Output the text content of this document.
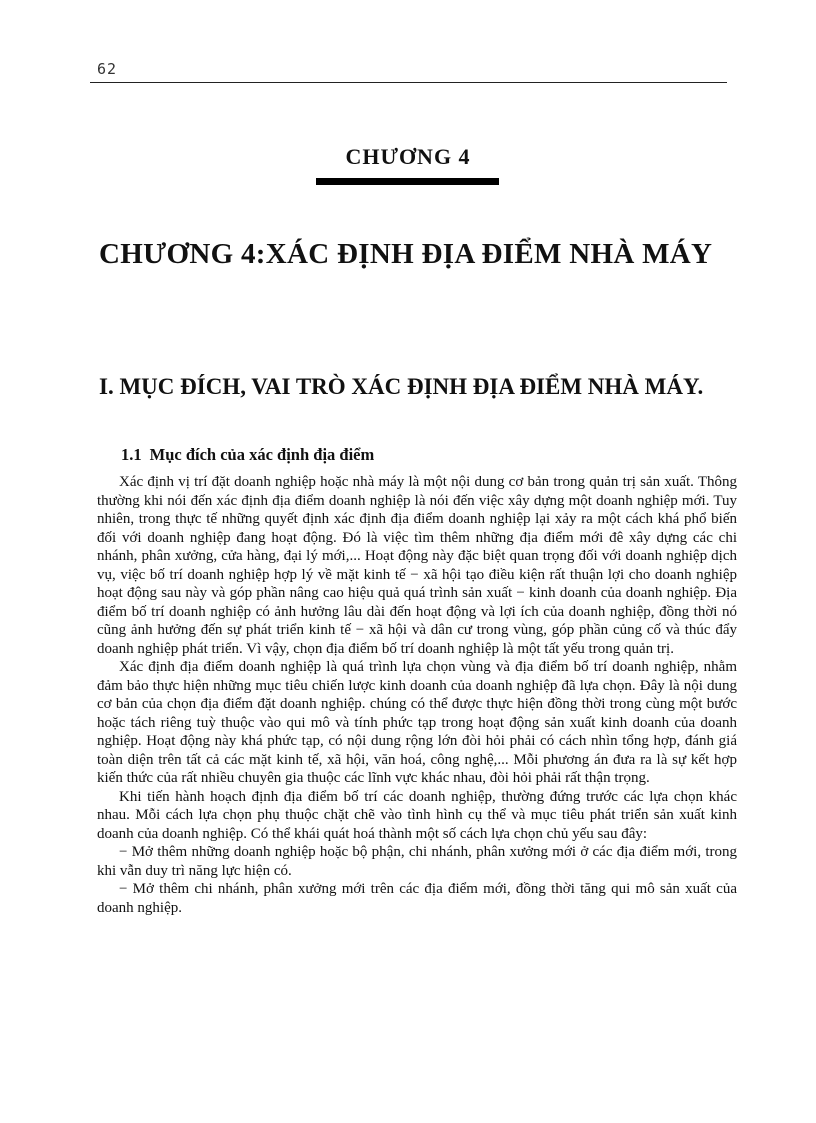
62
CHƯƠNG 4
CHƯƠNG 4:XÁC ĐỊNH ĐỊA ĐIỂM NHÀ MÁY
I. MỤC ĐÍCH, VAI TRÒ XÁC ĐỊNH ĐỊA ĐIỂM NHÀ MÁY.
1.1 Mục đích của xác định địa điểm

Xác định vị trí đặt doanh nghiệp hoặc nhà máy là một nội dung cơ bản trong quản trị sản xuất. Thông thường khi nói đến xác định địa điểm doanh nghiệp là nói đến việc xây dựng một doanh nghiệp mới. Tuy nhiên, trong thực tế những quyết định xác định địa điểm doanh nghiệp lại xảy ra một cách khá phổ biến đối với doanh nghiệp đang hoạt động. Đó là việc tìm thêm những địa điểm mới đê xây dựng các chi nhánh, phân xưởng, cửa hàng, đại lý mới,... Hoạt động này đặc biệt quan trọng đối với doanh nghiệp dịch vụ, việc bố trí doanh nghiệp hợp lý về mặt kinh tế − xã hội tạo điều kiện rất thuận lợi cho doanh nghiệp hoạt động sau này và góp phần nâng cao hiệu quả quá trình sản xuất − kinh doanh của doanh nghiệp. Địa điểm bố trí doanh nghiệp có ảnh hưởng lâu dài đến hoạt động và lợi ích của doanh nghiệp, đồng thời nó cũng ảnh hưởng đến sự phát triển kinh tế − xã hội và dân cư trong vùng, góp phần củng cố và thúc đẩy doanh nghiệp phát triển. Vì vậy, chọn địa điểm bố trí doanh nghiệp là một tất yếu trong quản trị.

Xác định địa điểm doanh nghiệp là quá trình lựa chọn vùng và địa điểm bố trí doanh nghiệp, nhằm đảm bảo thực hiện những mục tiêu chiến lược kinh doanh của doanh nghiệp đã lựa chọn. Đây là nội dung cơ bản của chọn địa điểm đặt doanh nghiệp. chúng có thể được thực hiện đồng thời trong cùng một bước hoặc tách riêng tuỳ thuộc vào qui mô và tính phức tạp trong hoạt động sản xuất kinh doanh của doanh nghiệp. Hoạt động này khá phức tạp, có nội dung rộng lớn đòi hỏi phải có cách nhìn tổng hợp, đánh giá toàn diện trên tất cả các mặt kinh tế, xã hội, văn hoá, công nghệ,... Mỗi phương án đưa ra là sự kết hợp kiến thức của rất nhiều chuyên gia thuộc các lĩnh vực khác nhau, đòi hỏi phải rất thận trọng.

Khi tiến hành hoạch định địa điểm bố trí các doanh nghiệp, thường đứng trước các lựa chọn khác nhau. Mỗi cách lựa chọn phụ thuộc chặt chẽ vào tình hình cụ thể và mục tiêu phát triển sản xuất kinh doanh của doanh nghiệp. Có thể khái quát hoá thành một số cách lựa chọn chủ yếu sau đây:

− Mở thêm những doanh nghiệp hoặc bộ phận, chi nhánh, phân xưởng mới ở các địa điểm mới, trong khi vẫn duy trì năng lực hiện có.

− Mở thêm chi nhánh, phân xưởng mới trên các địa điểm mới, đồng thời tăng qui mô sản xuất của doanh nghiệp.
